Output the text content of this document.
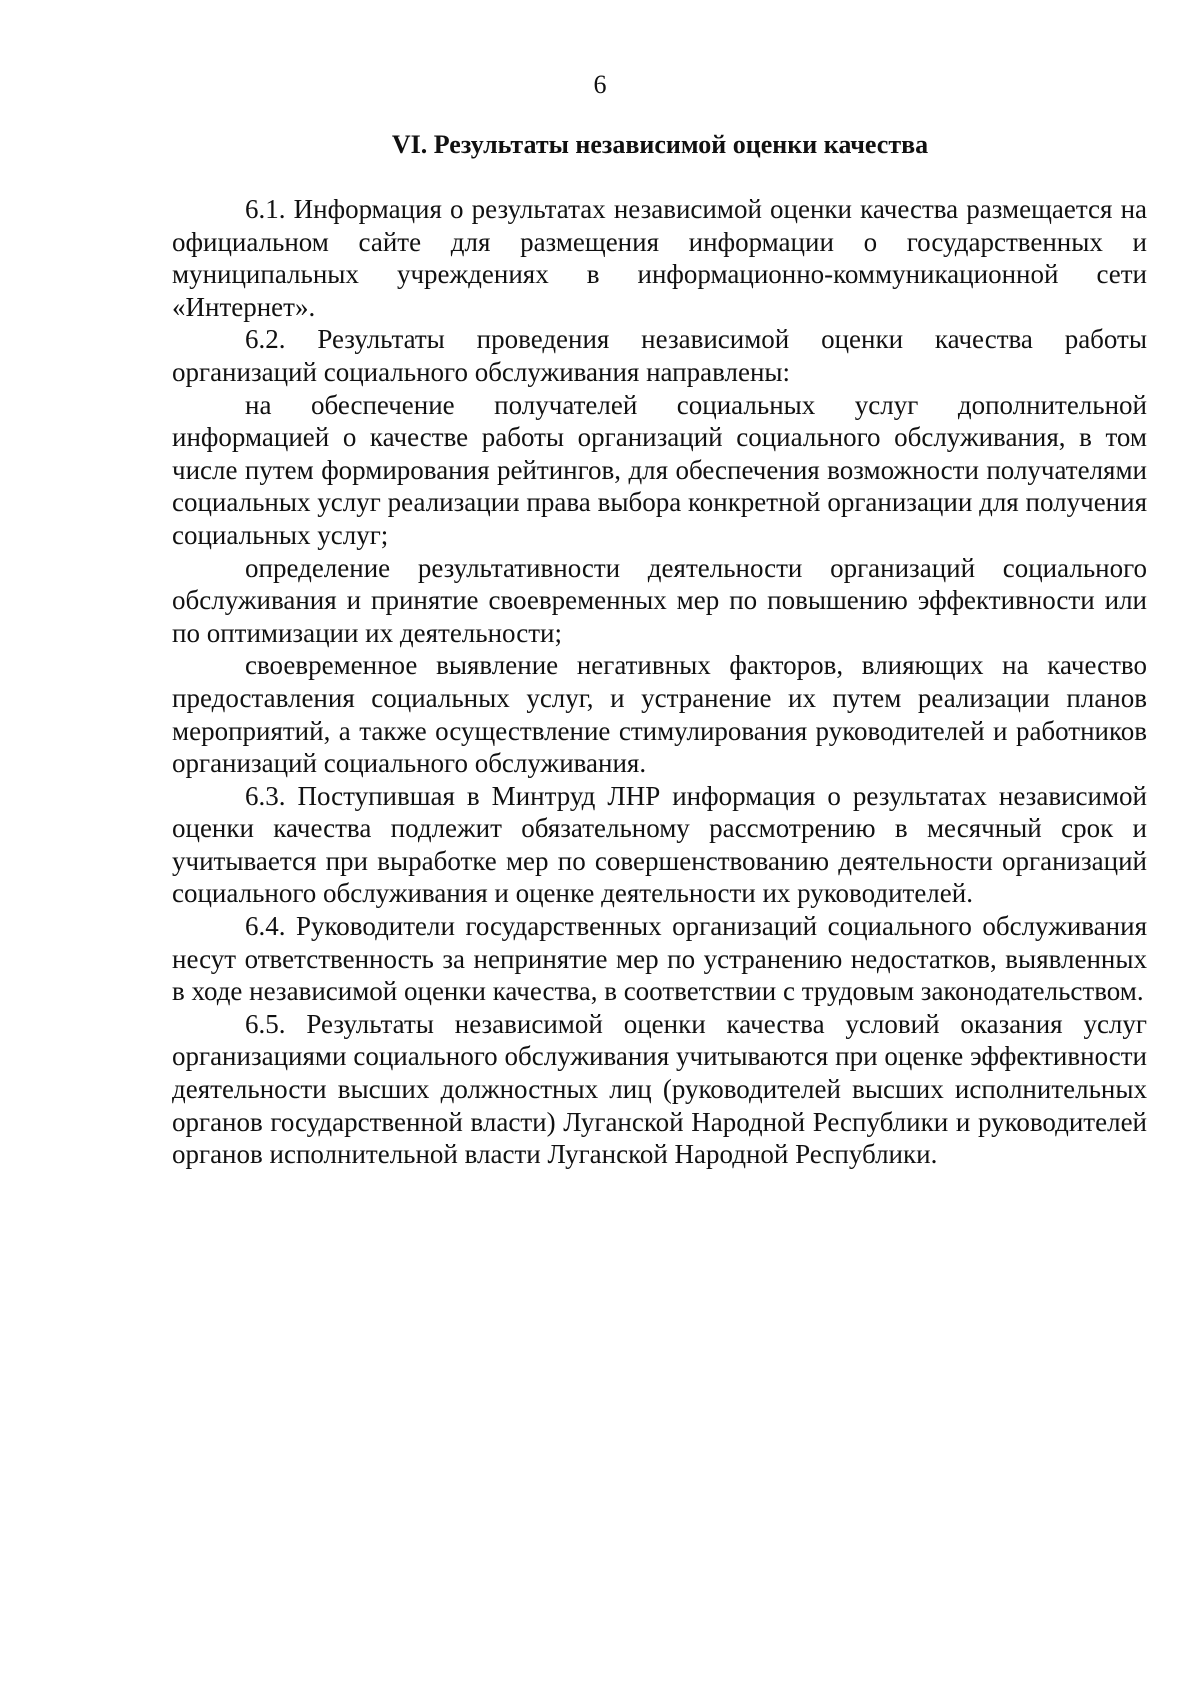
6
VI. Результаты независимой оценки качества

6.1. Информация о результатах независимой оценки качества размещается на официальном сайте для размещения информации о государственных и муниципальных учреждениях в информационно-коммуникационной сети «Интернет».

6.2. Результаты проведения независимой оценки качества работы организаций социального обслуживания направлены:

на обеспечение получателей социальных услуг дополнительной информацией о качестве работы организаций социального обслуживания, в том числе путем формирования рейтингов, для обеспечения возможности получателями социальных услуг реализации права выбора конкретной организации для получения социальных услуг;

определение результативности деятельности организаций социального обслуживания и принятие своевременных мер по повышению эффективности или по оптимизации их деятельности;

своевременное выявление негативных факторов, влияющих на качество предоставления социальных услуг, и устранение их путем реализации планов мероприятий, а также осуществление стимулирования руководителей и работников организаций социального обслуживания.

6.3. Поступившая в Минтруд ЛНР информация о результатах независимой оценки качества подлежит обязательному рассмотрению в месячный срок и учитывается при выработке мер по совершенствованию деятельности организаций социального обслуживания и оценке деятельности их руководителей.

6.4. Руководители государственных организаций социального обслуживания несут ответственность за непринятие мер по устранению недостатков, выявленных в ходе независимой оценки качества, в соответствии с трудовым законодательством.

6.5. Результаты независимой оценки качества условий оказания услуг организациями социального обслуживания учитываются при оценке эффективности деятельности высших должностных лиц (руководителей высших исполнительных органов государственной власти) Луганской Народной Республики и руководителей органов исполнительной власти Луганской Народной Республики.
